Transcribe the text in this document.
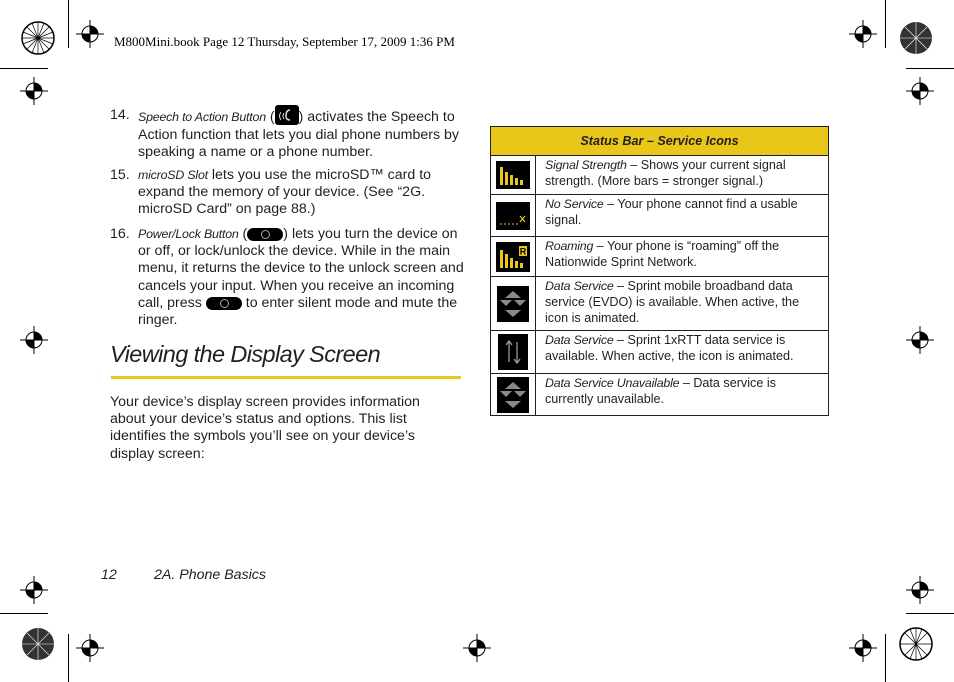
M800Mini.book Page 12 Thursday, September 17, 2009 1:36 PM
14. Speech to Action Button ( ) activates the Speech to Action function that lets you dial phone numbers by speaking a name or a phone number.
15. microSD Slot lets you use the microSD™ card to expand the memory of your device. (See “2G. microSD Card” on page 88.)
16. Power/Lock Button (	) lets you turn the device on or off, or lock/unlock the device. While in the main menu, it returns the device to the unlock screen and cancels your input. When you receive an incoming call, press	to enter silent mode and mute the ringer.
Viewing the Display Screen
Your device’s display screen provides information about your device’s status and options. This list identifies the symbols you’ll see on your device’s display screen:
Status Bar – Service Icons	

	Signal Strength – Shows your current signal strength. (More bars = stronger signal.)

	No Service – Your phone cannot find a usable signal.

R	Roaming – Your phone is “roaming” off the Nationwide Sprint Network.

	Data Service – Sprint mobile broadband data service (EVDO) is available. When active, the icon is animated.

	Data Service – Sprint 1xRTT data service is available. When active, the icon is animated.

	Data Service Unavailable – Data service is currently unavailable.
12	2A. Phone Basics
